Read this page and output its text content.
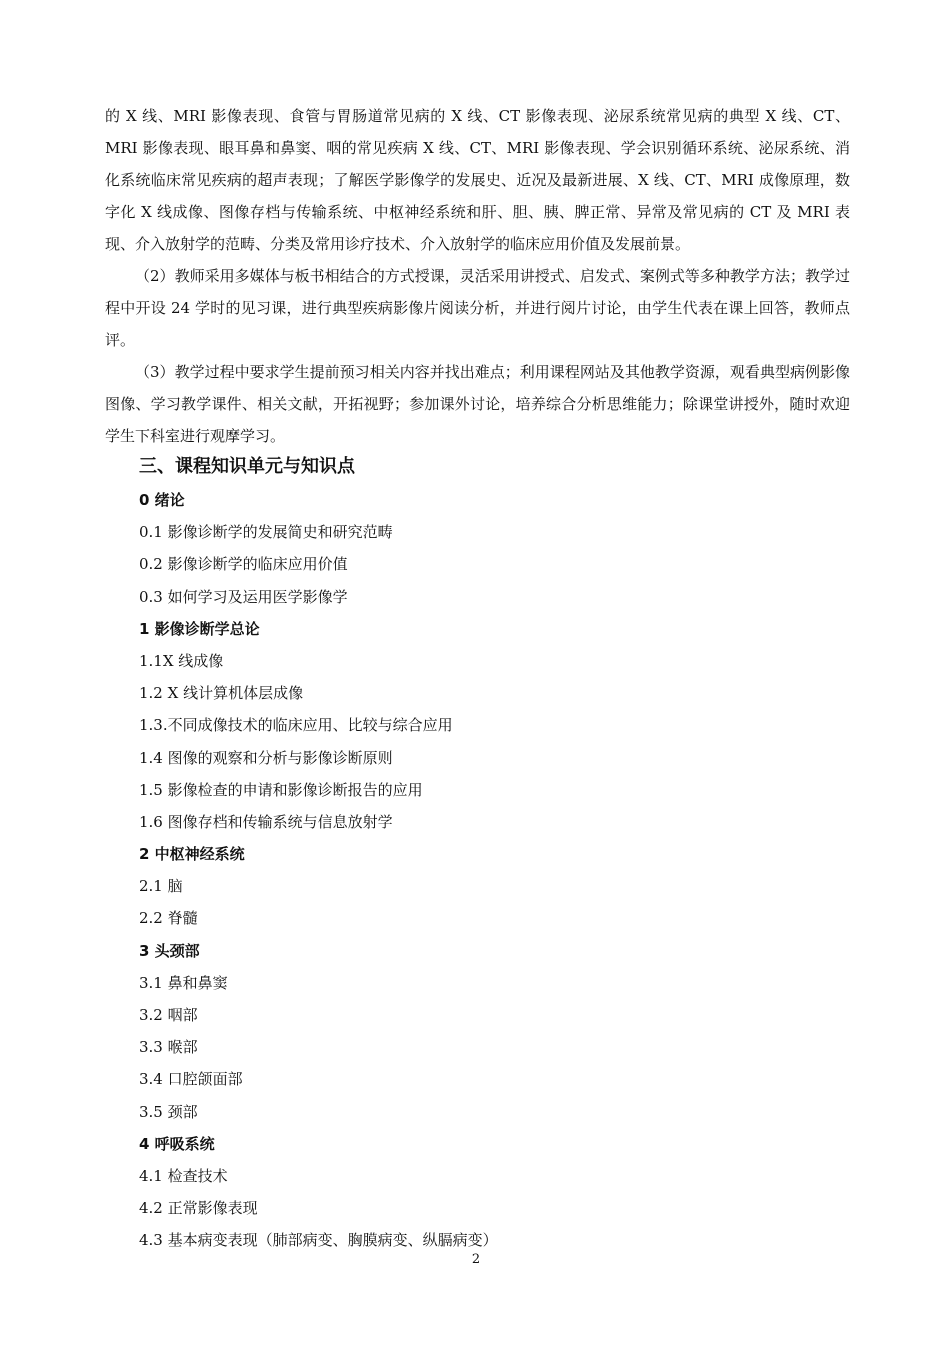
的 X 线、MRI 影像表现、食管与胃肠道常见病的 X 线、CT 影像表现、泌尿系统常见病的典型 X 线、CT、MRI 影像表现、眼耳鼻和鼻窦、咽的常见疾病 X 线、CT、MRI 影像表现、学会识别循环系统、泌尿系统、消化系统临床常见疾病的超声表现；了解医学影像学的发展史、近况及最新进展、X 线、CT、MRI 成像原理，数字化 X 线成像、图像存档与传输系统、中枢神经系统和肝、胆、胰、脾正常、异常及常见病的 CT 及 MRI 表现、介入放射学的范畴、分类及常用诊疗技术、介入放射学的临床应用价值及发展前景。

（2）教师采用多媒体与板书相结合的方式授课，灵活采用讲授式、启发式、案例式等多种教学方法；教学过程中开设 24 学时的见习课，进行典型疾病影像片阅读分析，并进行阅片讨论，由学生代表在课上回答，教师点评。

（3）教学过程中要求学生提前预习相关内容并找出难点；利用课程网站及其他教学资源，观看典型病例影像图像、学习教学课件、相关文献，开拓视野；参加课外讨论，培养综合分析思维能力；除课堂讲授外，随时欢迎学生下科室进行观摩学习。

三、课程知识单元与知识点
0 绪论
0.1 影像诊断学的发展简史和研究范畴
0.2 影像诊断学的临床应用价值
0.3 如何学习及运用医学影像学
1 影像诊断学总论
1.1X 线成像
1.2 X 线计算机体层成像
1.3.不同成像技术的临床应用、比较与综合应用
1.4 图像的观察和分析与影像诊断原则
1.5 影像检查的申请和影像诊断报告的应用
1.6 图像存档和传输系统与信息放射学
2 中枢神经系统
2.1 脑
2.2 脊髓
3 头颈部
3.1 鼻和鼻窦
3.2 咽部
3.3 喉部
3.4 口腔颌面部
3.5 颈部
4 呼吸系统
4.1 检查技术
4.2 正常影像表现
4.3 基本病变表现（肺部病变、胸膜病变、纵膈病变）
2
